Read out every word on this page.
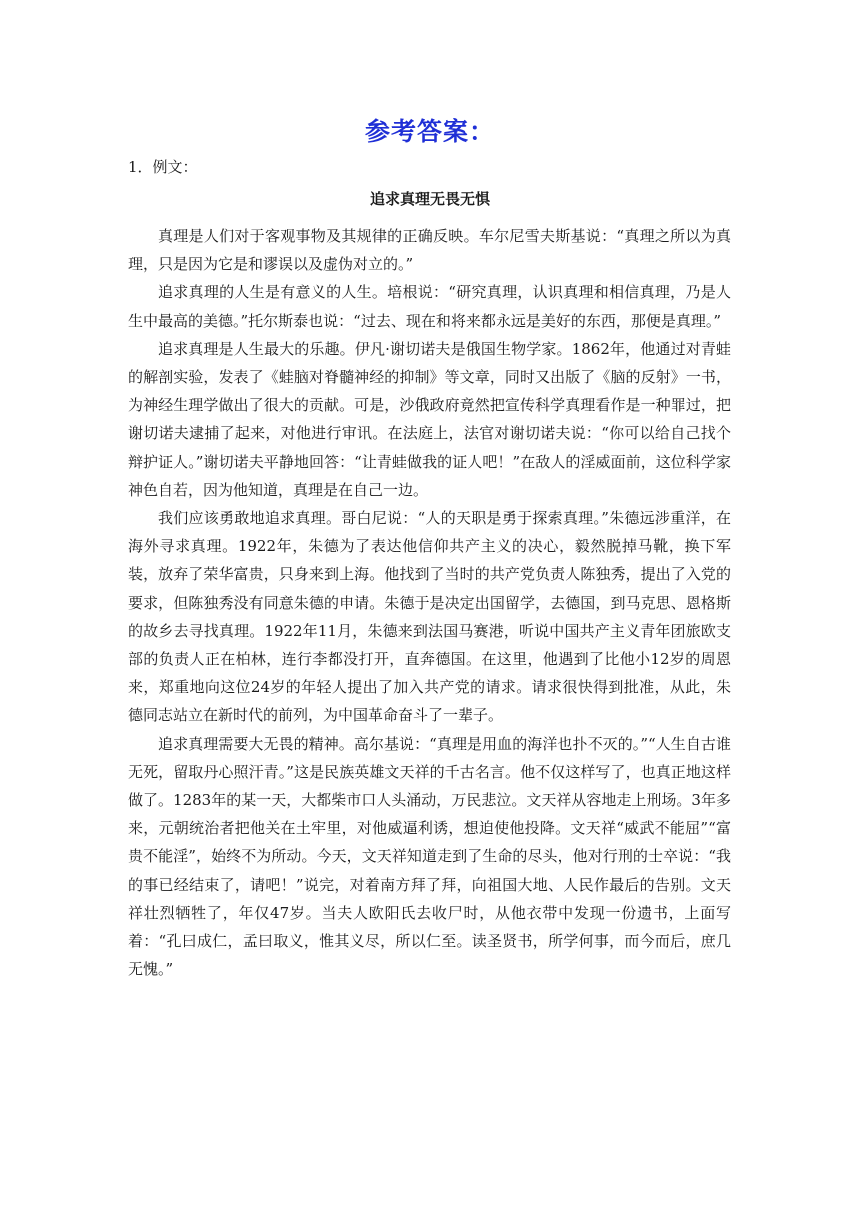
参考答案：
1．例文：
追求真理无畏无惧

真理是人们对于客观事物及其规律的正确反映。车尔尼雪夫斯基说：“真理之所以为真理，只是因为它是和谬误以及虚伪对立的。”

追求真理的人生是有意义的人生。培根说：“研究真理，认识真理和相信真理，乃是人生中最高的美德。”托尔斯泰也说：“过去、现在和将来都永远是美好的东西，那便是真理。”

追求真理是人生最大的乐趣。伊凡·谢切诺夫是俄国生物学家。1862年，他通过对青蛙的解剖实验，发表了《蛙脑对脊髓神经的抑制》等文章，同时又出版了《脑的反射》一书，为神经生理学做出了很大的贡献。可是，沙俄政府竟然把宣传科学真理看作是一种罪过，把谢切诺夫逮捕了起来，对他进行审讯。在法庭上，法官对谢切诺夫说：“你可以给自己找个辩护证人。”谢切诺夫平静地回答：“让青蛙做我的证人吧！”在敌人的淫威面前，这位科学家神色自若，因为他知道，真理是在自己一边。

我们应该勇敢地追求真理。哥白尼说：“人的天职是勇于探索真理。”朱德远涉重洋，在海外寻求真理。1922年，朱德为了表达他信仰共产主义的决心，毅然脱掉马靴，换下军装，放弃了荣华富贵，只身来到上海。他找到了当时的共产党负责人陈独秀，提出了入党的要求，但陈独秀没有同意朱德的申请。朱德于是决定出国留学，去德国，到马克思、恩格斯的故乡去寻找真理。1922年11月，朱德来到法国马赛港，听说中国共产主义青年团旅欧支部的负责人正在柏林，连行李都没打开，直奔德国。在这里，他遇到了比他小12岁的周恩来，郑重地向这位24岁的年轻人提出了加入共产党的请求。请求很快得到批准，从此，朱德同志站立在新时代的前列，为中国革命奋斗了一辈子。

追求真理需要大无畏的精神。高尔基说：“真理是用血的海洋也扑不灭的。”“人生自古谁无死，留取丹心照汗青。”这是民族英雄文天祥的千古名言。他不仅这样写了，也真正地这样做了。1283年的某一天，大都柴市口人头涌动，万民悲泣。文天祥从容地走上刑场。3年多来，元朝统治者把他关在土牢里，对他威逼利诱，想迫使他投降。文天祥“威武不能屈”“富贵不能淫”，始终不为所动。今天，文天祥知道走到了生命的尽头，他对行刑的士卒说：“我的事已经结束了，请吧！”说完，对着南方拜了拜，向祖国大地、人民作最后的告别。文天祥壮烈牺牲了，年仅47岁。当夫人欧阳氏去收尸时，从他衣带中发现一份遗书，上面写着：“孔曰成仁，孟曰取义，惟其义尽，所以仁至。读圣贤书，所学何事，而今而后，庶几无愧。”
